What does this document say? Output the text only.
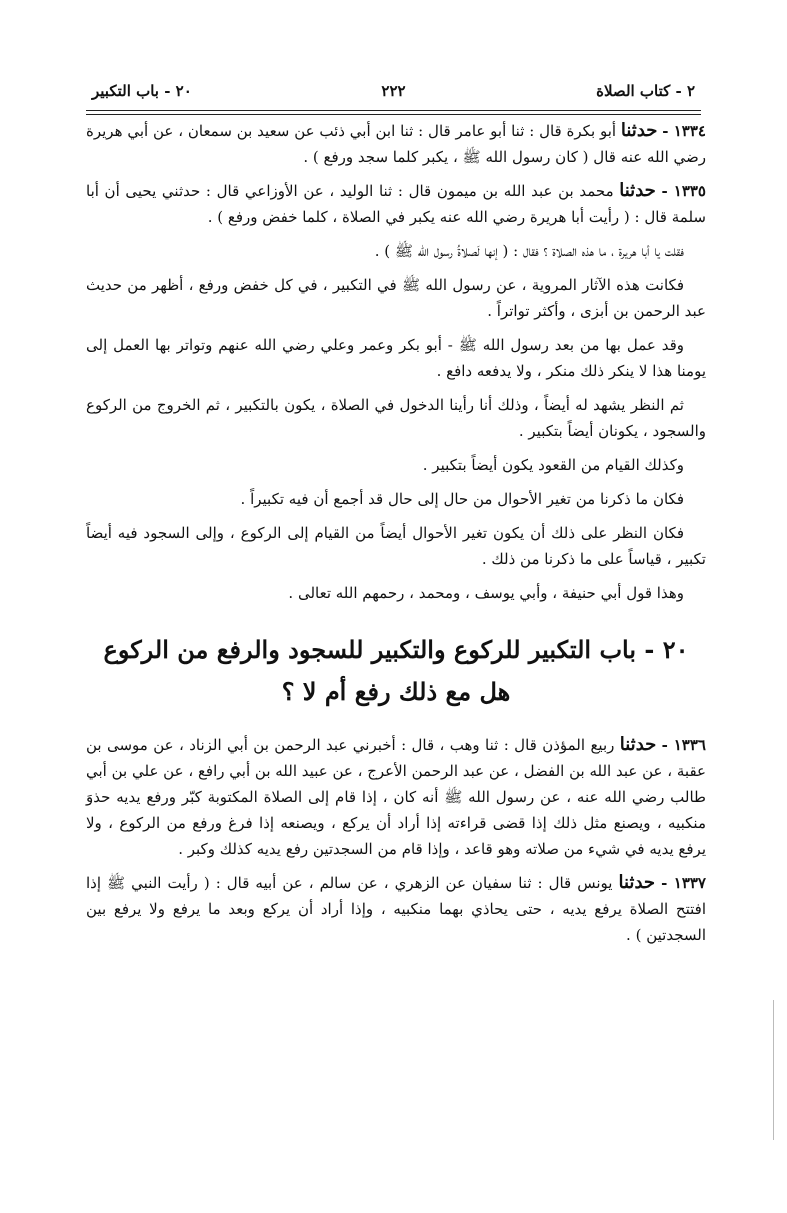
٢ - كتاب الصلاة
٢٢٢
٢٠ - باب التكبير

١٣٣٤ - حدثنا أبو بكرة قال : ثنا أبو عامر قال : ثنا ابن أبي ذئب عن سعيد بن سمعان ، عن أبي هريرة رضي الله عنه قال ( كان رسول الله ﷺ ، يكبر كلما سجد ورفع ) .

١٣٣٥ - حدثنا محمد بن عبد الله بن ميمون قال : ثنا الوليد ، عن الأوزاعي قال : حدثني يحيى أن أبا سلمة قال : ( رأيت أبا هريرة رضي الله عنه يكبر في الصلاة ، كلما خفض ورفع ) .

فقلت يا أبا هريرة ، ما هذه الصلاة ؟ فقال : ( إنها لَصلاةُ رسول الله ﷺ ) .

فكانت هذه الآثار المروية ، عن رسول الله ﷺ في التكبير ، في كل خفض ورفع ، أظهر من حديث عبد الرحمن بن أبزى ، وأكثر تواتراً .

وقد عمل بها من بعد رسول الله ﷺ - أبو بكر وعمر وعلي رضي الله عنهم وتواتر بها العمل إلى يومنا هذا لا ينكر ذلك منكر ، ولا يدفعه دافع .

ثم النظر يشهد له أيضاً ، وذلك أنا رأينا الدخول في الصلاة ، يكون بالتكبير ، ثم الخروج من الركوع والسجود ، يكونان أيضاً بتكبير .

وكذلك القيام من القعود يكون أيضاً بتكبير .

فكان ما ذكرنا من تغير الأحوال من حال إلى حال قد أجمع أن فيه تكبيراً .

فكان النظر على ذلك أن يكون تغير الأحوال أيضاً من القيام إلى الركوع ، وإلى السجود فيه أيضاً تكبير ، قياساً على ما ذكرنا من ذلك .

وهذا قول أبي حنيفة ، وأبي يوسف ، ومحمد ، رحمهم الله تعالى .

٢٠ - باب التكبير للركوع والتكبير للسجود والرفع من الركوع
هل مع ذلك رفع أم لا ؟

١٣٣٦ - حدثنا ربيع المؤذن قال : ثنا وهب ، قال : أخبرني عبد الرحمن بن أبي الزناد ، عن موسى بن عقبة ، عن عبد الله بن الفضل ، عن عبد الرحمن الأعرج ، عن عبيد الله بن أبي رافع ، عن علي بن أبي طالب رضي الله عنه ، عن رسول الله ﷺ أنه كان ، إذا قام إلى الصلاة المكتوبة كبّر ورفع يديه حذوَ منكبيه ، ويصنع مثل ذلك إذا قضى قراءته إذا أراد أن يركع ، ويصنعه إذا فرغ ورفع من الركوع ، ولا يرفع يديه في شيء من صلاته وهو قاعد ، وإذا قام من السجدتين رفع يديه كذلك وكبر .

١٣٣٧ - حدثنا يونس قال : ثنا سفيان عن الزهري ، عن سالم ، عن أبيه قال : ( رأيت النبي ﷺ إذا افتتح الصلاة يرفع يديه ، حتى يحاذي بهما منكبيه ، وإذا أراد أن يركع وبعد ما يرفع ولا يرفع بين السجدتين ) .
